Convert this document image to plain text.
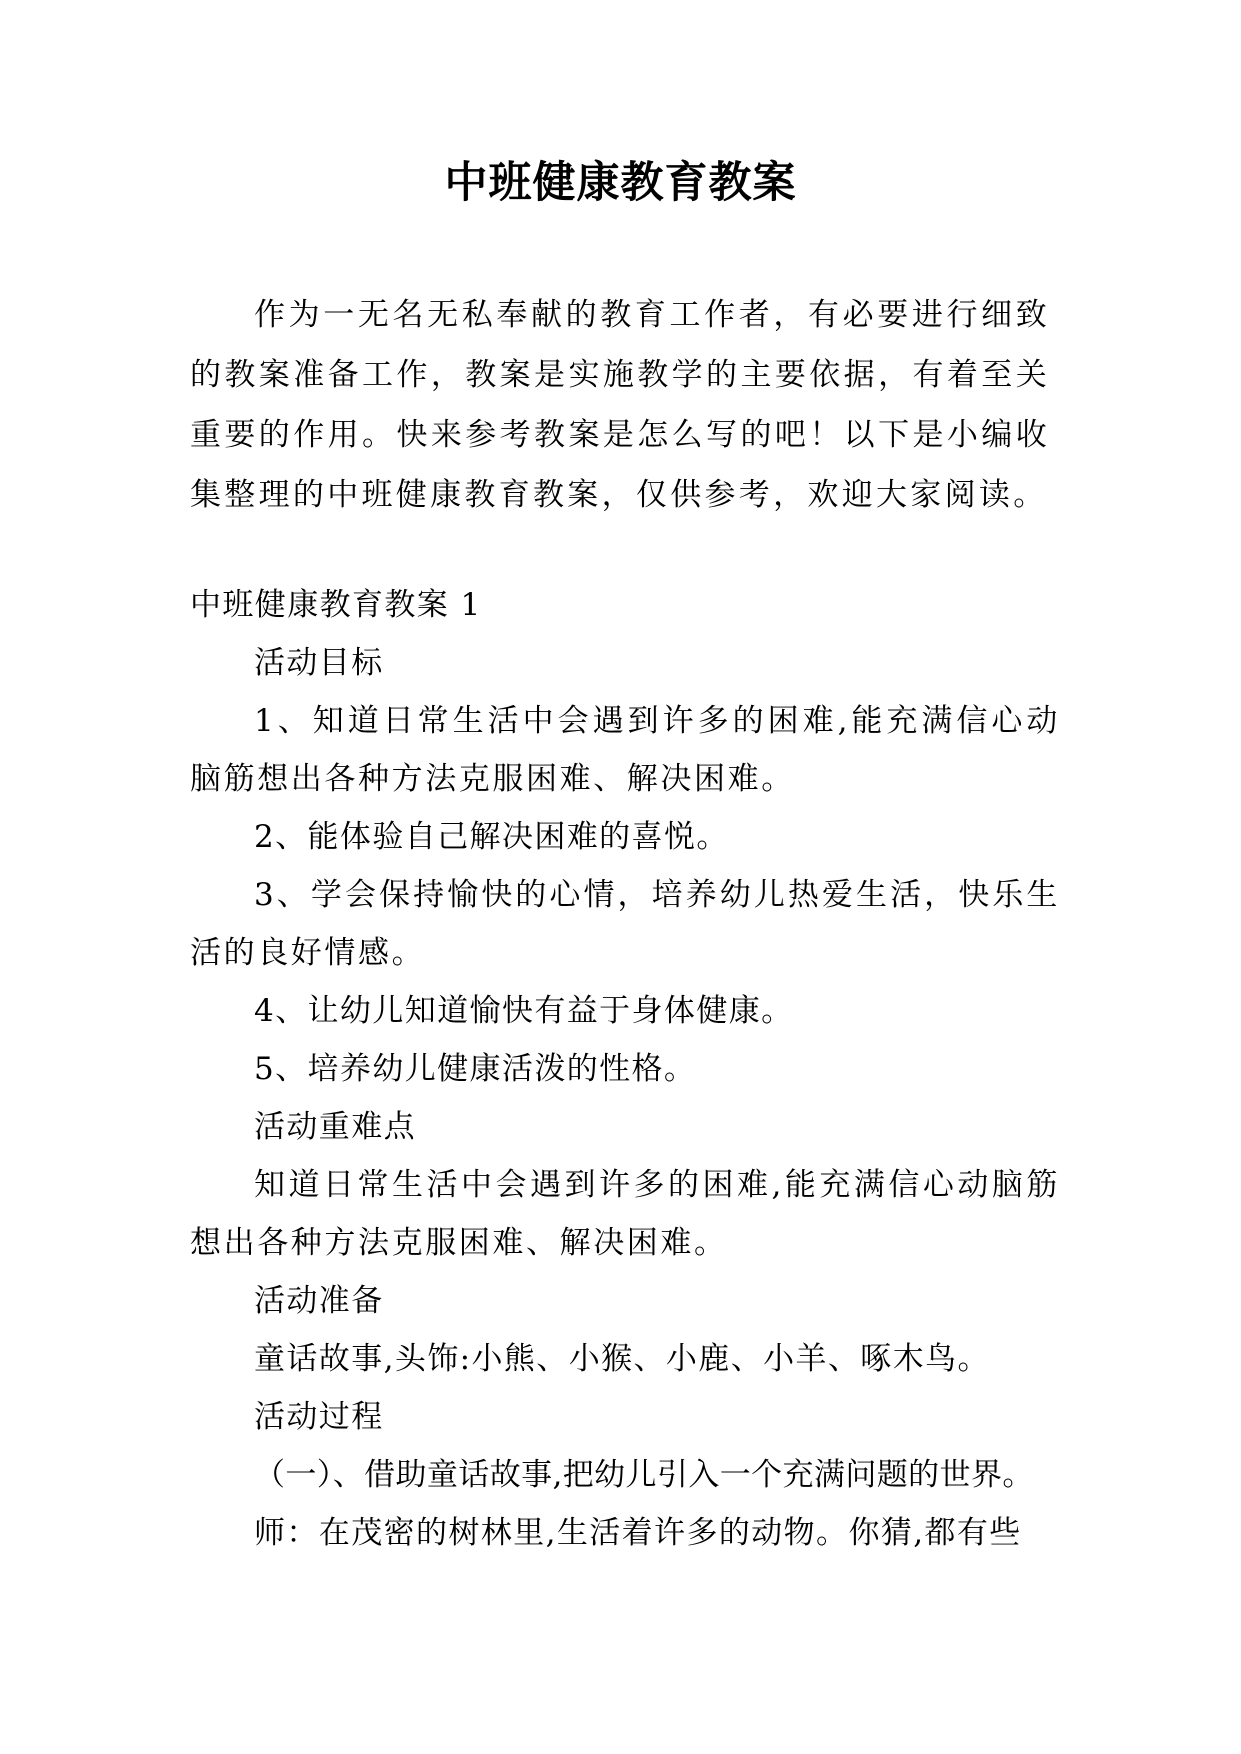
中班健康教育教案

作为一无名无私奉献的教育工作者，有必要进行细致的教案准备工作，教案是实施教学的主要依据，有着至关重要的作用。快来参考教案是怎么写的吧！以下是小编收集整理的中班健康教育教案，仅供参考，欢迎大家阅读。

中班健康教育教案 1

活动目标

1、知道日常生活中会遇到许多的困难,能充满信心动脑筋想出各种方法克服困难、解决困难。

2、能体验自己解决困难的喜悦。

3、学会保持愉快的心情，培养幼儿热爱生活，快乐生活的良好情感。

4、让幼儿知道愉快有益于身体健康。

5、培养幼儿健康活泼的性格。

活动重难点

知道日常生活中会遇到许多的困难,能充满信心动脑筋想出各种方法克服困难、解决困难。

活动准备

童话故事,头饰:小熊、小猴、小鹿、小羊、啄木鸟。

活动过程

（一）、借助童话故事,把幼儿引入一个充满问题的世界。

师：在茂密的树林里,生活着许多的动物。你猜,都有些
